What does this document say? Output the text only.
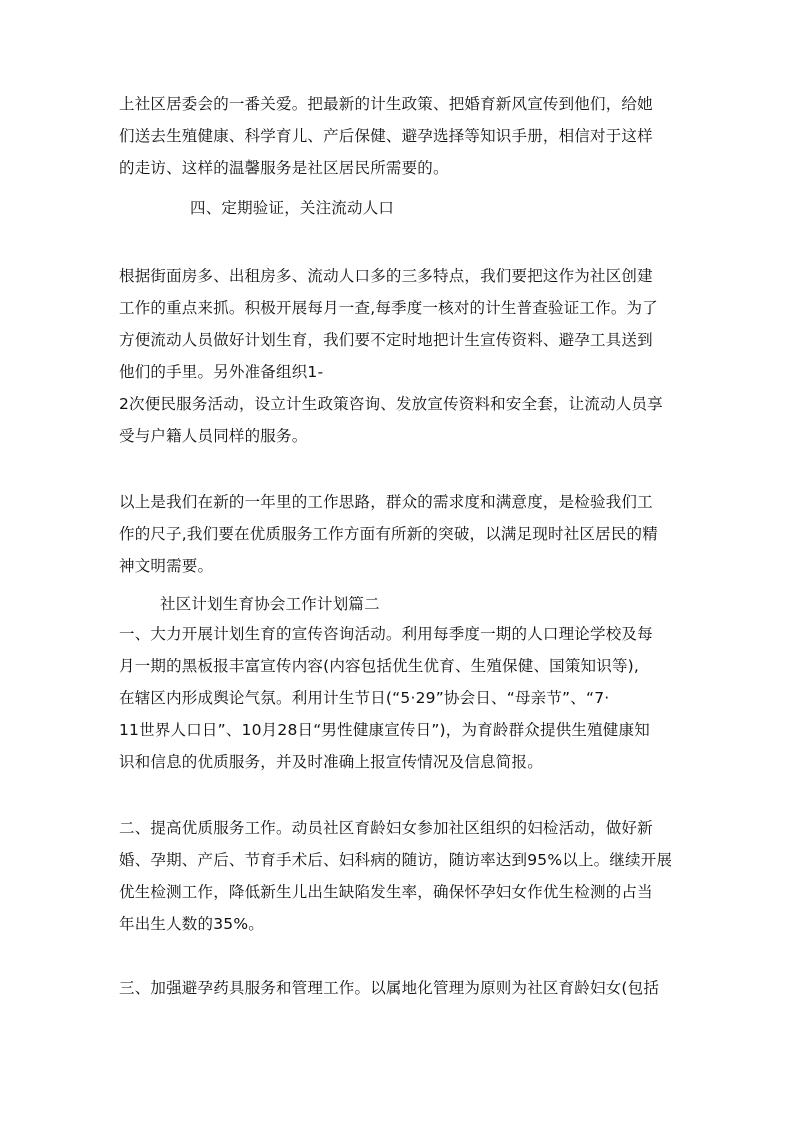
上社区居委会的一番关爱。把最新的计生政策、把婚育新风宣传到他们，给她
们送去生殖健康、科学育儿、产后保健、避孕选择等知识手册，相信对于这样
的走访、这样的温馨服务是社区居民所需要的。
四、定期验证，关注流动人口
根据街面房多、出租房多、流动人口多的三多特点，我们要把这作为社区创建
工作的重点来抓。积极开展每月一查,每季度一核对的计生普查验证工作。为了
方便流动人员做好计划生育，我们要不定时地把计生宣传资料、避孕工具送到
他们的手里。另外准备组织1-
2次便民服务活动，设立计生政策咨询、发放宣传资料和安全套，让流动人员享
受与户籍人员同样的服务。
以上是我们在新的一年里的工作思路，群众的需求度和满意度，是检验我们工
作的尺子,我们要在优质服务工作方面有所新的突破，以满足现时社区居民的精
神文明需要。
社区计划生育协会工作计划篇二
一、大力开展计划生育的宣传咨询活动。利用每季度一期的人口理论学校及每
月一期的黑板报丰富宣传内容(内容包括优生优育、生殖保健、国策知识等),
在辖区内形成舆论气氛。利用计生节日(“5·29”协会日、“母亲节”、“7·
11世界人口日”、10月28日“男性健康宣传日”)，为育龄群众提供生殖健康知
识和信息的优质服务，并及时准确上报宣传情况及信息简报。
二、提高优质服务工作。动员社区育龄妇女参加社区组织的妇检活动，做好新
婚、孕期、产后、节育手术后、妇科病的随访，随访率达到95%以上。继续开展
优生检测工作，降低新生儿出生缺陷发生率，确保怀孕妇女作优生检测的占当
年出生人数的35%。
三、加强避孕药具服务和管理工作。以属地化管理为原则为社区育龄妇女(包括
